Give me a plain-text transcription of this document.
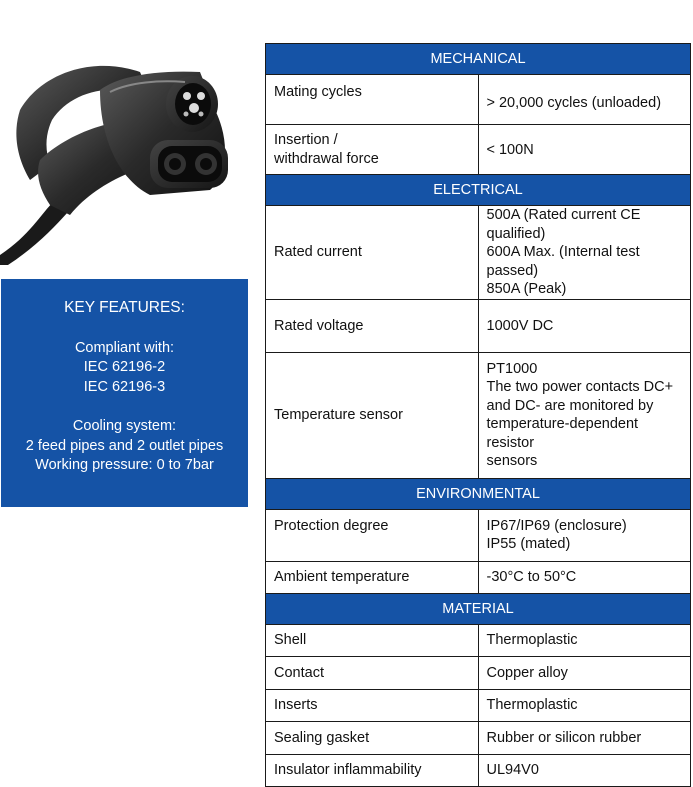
KEY FEATURES:
Compliant with:
IEC 62196-2
IEC 62196-3
Cooling system:
2 feed pipes and 2 outlet pipes
Working pressure: 0 to 7bar
MECHANICAL	
Mating cycles	> 20,000 cycles (unloaded)

Insertion /
withdrawal force	< 100N
ELECTRICAL	
Rated current	500A (Rated current CE qualified)
600A Max. (Internal test passed)
850A (Peak)

Rated voltage	1000V DC
Temperature sensor	PT1000
The two power contacts DC+
and DC- are monitored by
temperature-dependent resistor
sensors

ENVIRONMENTAL	
Protection degree	IP67/IP69 (enclosure)
IP55 (mated)

Ambient temperature	-30°C to 50°C
MATERIAL	
Shell	Thermoplastic
Contact	Copper alloy
Inserts	Thermoplastic
Sealing gasket	Rubber or silicon rubber
Insulator inflammability	UL94V0
